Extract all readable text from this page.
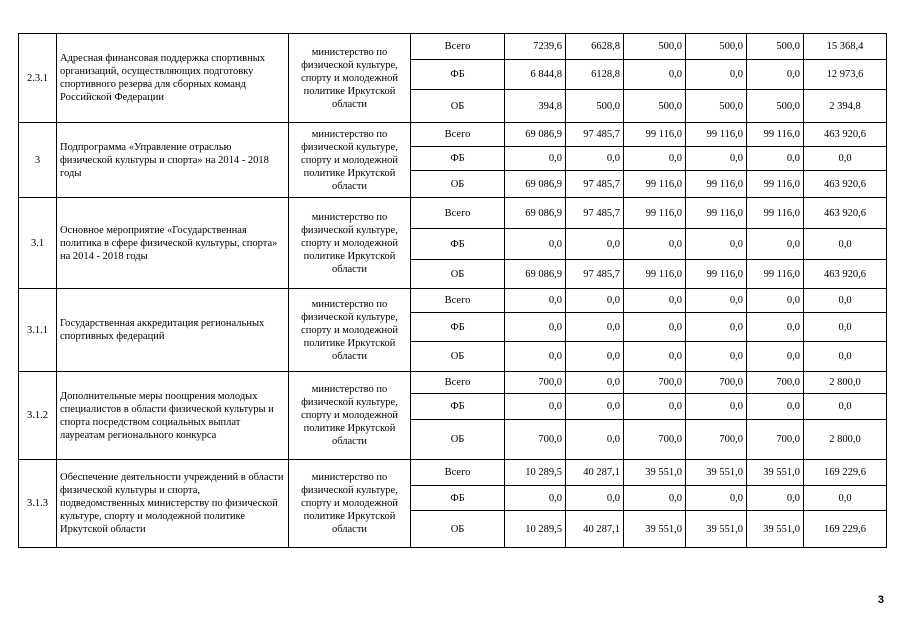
2.3.1	Адресная финансовая поддержка спортивных организаций, осуществляющих подготовку спортивного резерва для сборных команд Российской Федерации	министерство по физической культуре, спорту и молодежной политике Иркутской области	Всего	7239,6	6628,8	500,0	500,0	500,0	15 368,4
			ФБ	6 844,8	6128,8	0,0	0,0	0,0	12 973,6
			ОБ	394,8	500,0	500,0	500,0	500,0	2 394,8
3	Подпрограмма «Управление отраслью физической культуры и спорта» на 2014 - 2018 годы	министерство по физической культуре, спорту и молодежной политике Иркутской области	Всего	69 086,9	97 485,7	99 116,0	99 116,0	99 116,0	463 920,6
			ФБ	0,0	0,0	0,0	0,0	0,0	0,0
			ОБ	69 086,9	97 485,7	99 116,0	99 116,0	99 116,0	463 920,6
3.1	Основное мероприятие «Государственная политика в сфере физической культуры, спорта» на 2014 - 2018 годы	министерство по физической культуре, спорту и молодежной политике Иркутской области	Всего	69 086,9	97 485,7	99 116,0	99 116,0	99 116,0	463 920,6
			ФБ	0,0	0,0	0,0	0,0	0,0	0,0
			ОБ	69 086,9	97 485,7	99 116,0	99 116,0	99 116,0	463 920,6
3.1.1	Государственная аккредитация региональных спортивных федераций	министерство по физической культуре, спорту и молодежной политике Иркутской области	Всего	0,0	0,0	0,0	0,0	0,0	0,0
			ФБ	0,0	0,0	0,0	0,0	0,0	0,0
			ОБ	0,0	0,0	0,0	0,0	0,0	0,0
3.1.2	Дополнительные меры поощрения молодых специалистов в области физической культуры и спорта посредством социальных выплат лауреатам регионального конкурса	министерство по физической культуре, спорту и молодежной политике Иркутской области	Всего	700,0	0,0	700,0	700,0	700,0	2 800,0
			ФБ	0,0	0,0	0,0	0,0	0,0	0,0
			ОБ	700,0	0,0	700,0	700,0	700,0	2 800,0
3.1.3	Обеспечение деятельности учреждений в области физической культуры и спорта, подведомственных министерству по физической культуре, спорту и молодежной политике Иркутской области	министерство по физической культуре, спорту и молодежной политике Иркутской области	Всего	10 289,5	40 287,1	39 551,0	39 551,0	39 551,0	169 229,6
			ФБ	0,0	0,0	0,0	0,0	0,0	0,0
			ОБ	10 289,5	40 287,1	39 551,0	39 551,0	39 551,0	169 229,6
3
